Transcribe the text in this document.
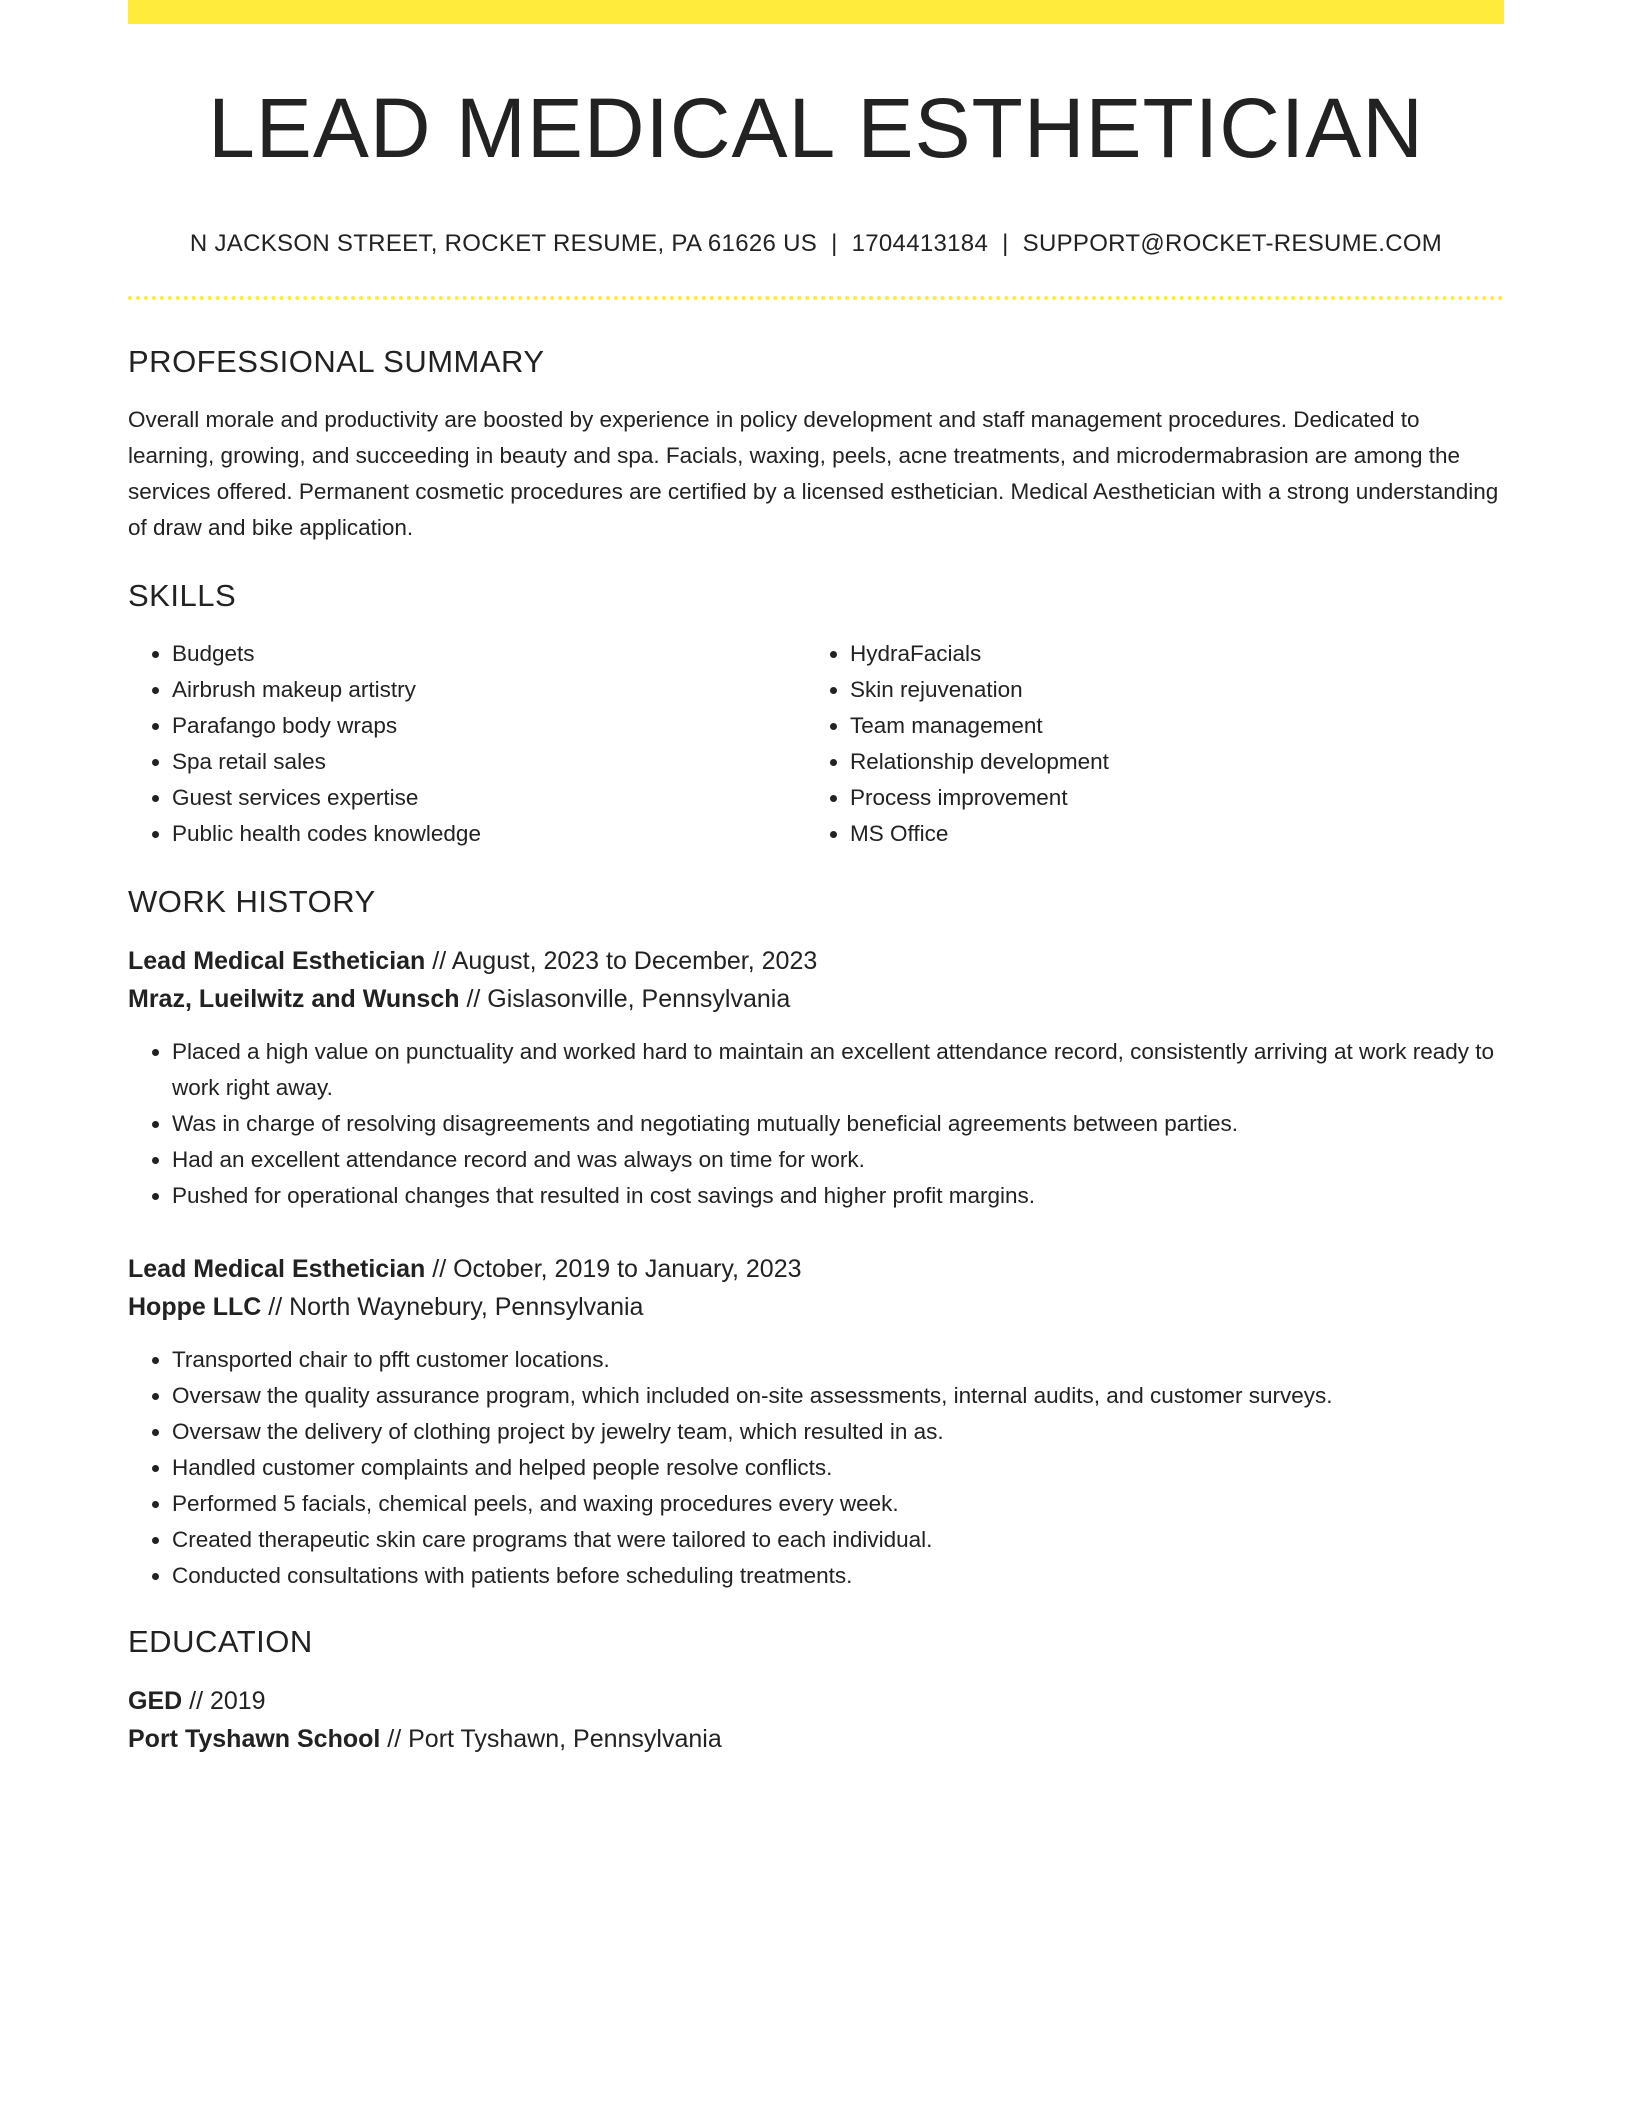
LEAD MEDICAL ESTHETICIAN
N JACKSON STREET, ROCKET RESUME, PA 61626 US | 1704413184 | SUPPORT@ROCKET-RESUME.COM
PROFESSIONAL SUMMARY
Overall morale and productivity are boosted by experience in policy development and staff management procedures. Dedicated to learning, growing, and succeeding in beauty and spa. Facials, waxing, peels, acne treatments, and microdermabrasion are among the services offered. Permanent cosmetic procedures are certified by a licensed esthetician. Medical Aesthetician with a strong understanding of draw and bike application.
SKILLS
• Budgets
• Airbrush makeup artistry
• Parafango body wraps
• Spa retail sales
• Guest services expertise
• Public health codes knowledge
• HydraFacials
• Skin rejuvenation
• Team management
• Relationship development
• Process improvement
• MS Office
WORK HISTORY
Lead Medical Esthetician // August, 2023 to December, 2023
Mraz, Lueilwitz and Wunsch // Gislasonville, Pennsylvania
• Placed a high value on punctuality and worked hard to maintain an excellent attendance record, consistently arriving at work ready to work right away.
• Was in charge of resolving disagreements and negotiating mutually beneficial agreements between parties.
• Had an excellent attendance record and was always on time for work.
• Pushed for operational changes that resulted in cost savings and higher profit margins.
Lead Medical Esthetician // October, 2019 to January, 2023
Hoppe LLC // North Waynebury, Pennsylvania
• Transported chair to pfft customer locations.
• Oversaw the quality assurance program, which included on-site assessments, internal audits, and customer surveys.
• Oversaw the delivery of clothing project by jewelry team, which resulted in as.
• Handled customer complaints and helped people resolve conflicts.
• Performed 5 facials, chemical peels, and waxing procedures every week.
• Created therapeutic skin care programs that were tailored to each individual.
• Conducted consultations with patients before scheduling treatments.
EDUCATION
GED // 2019
Port Tyshawn School // Port Tyshawn, Pennsylvania
